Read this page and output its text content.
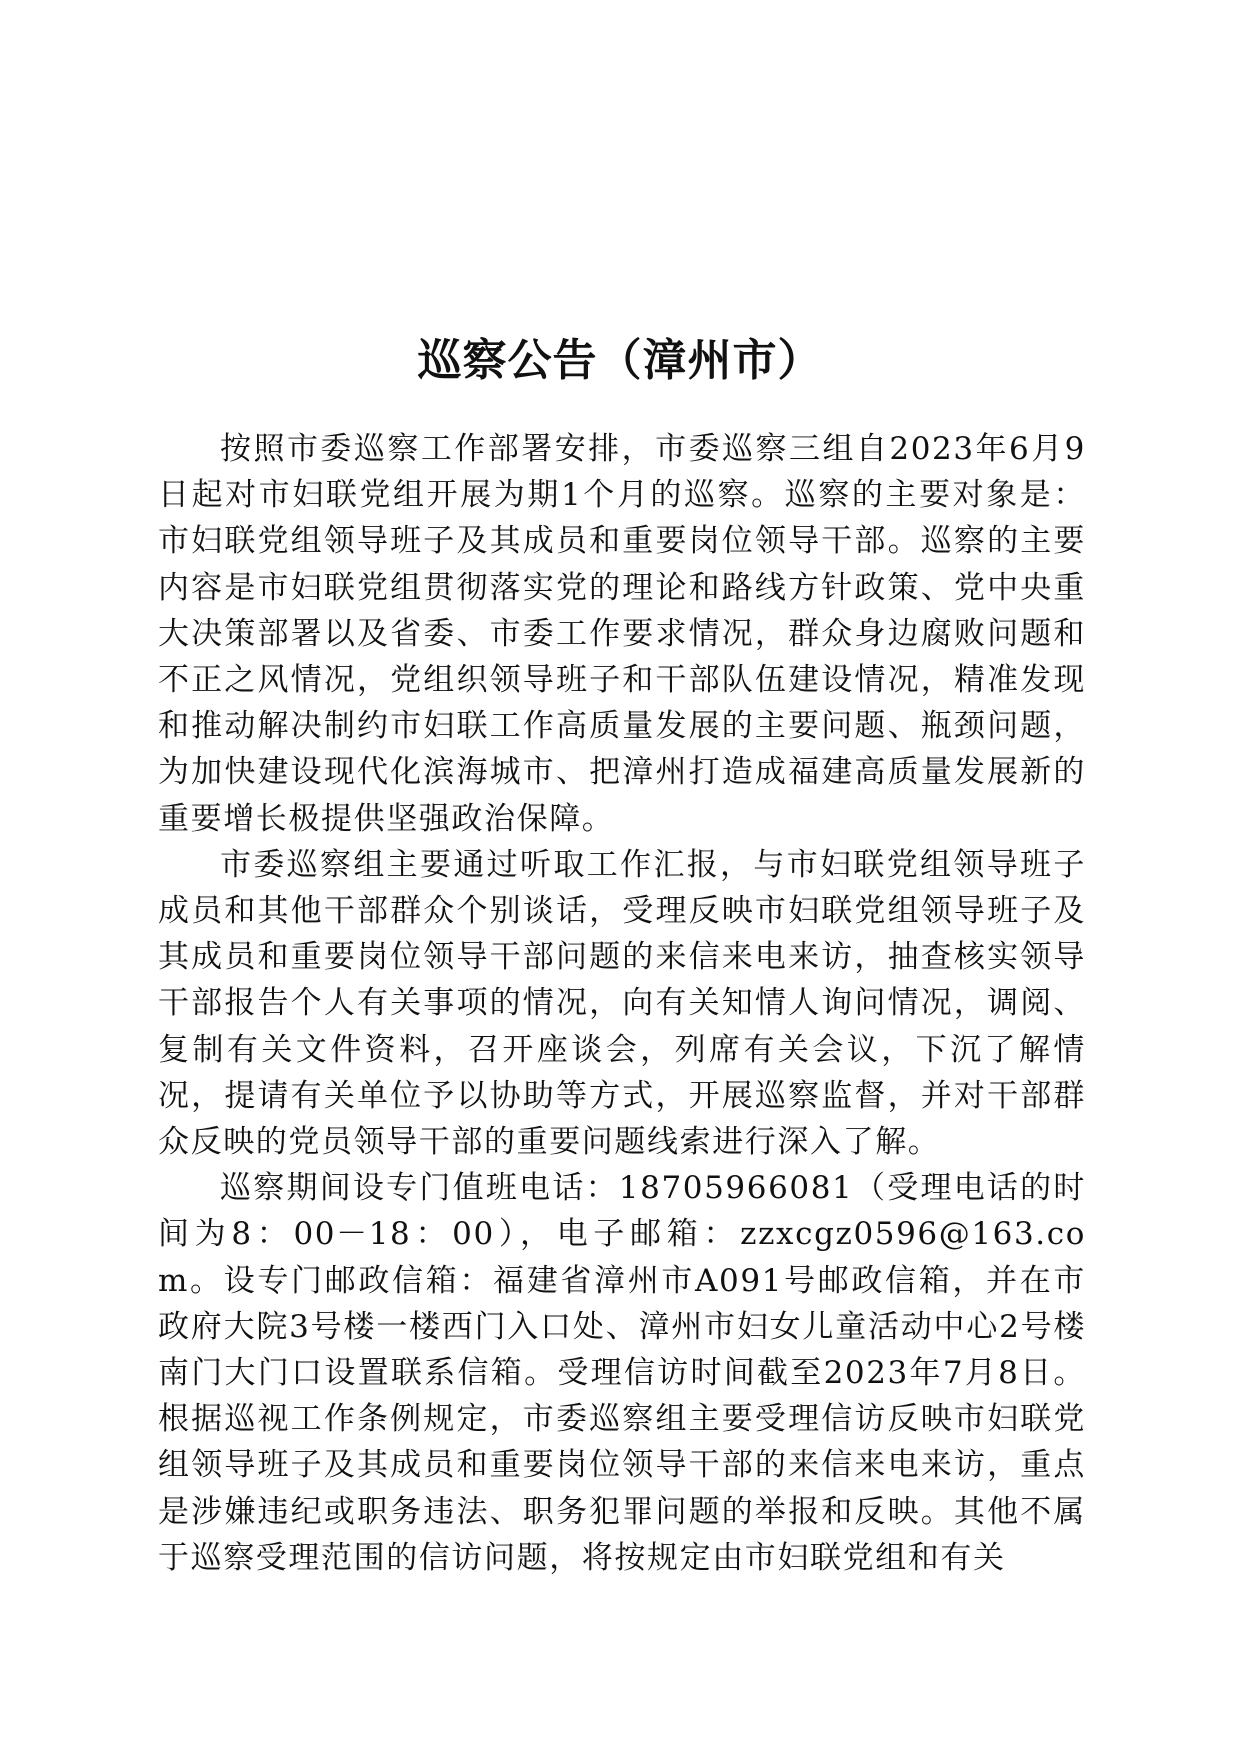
巡察公告（漳州市）

按照市委巡察工作部署安排，市委巡察三组自2023年6月9日起对市妇联党组开展为期1个月的巡察。巡察的主要对象是：市妇联党组领导班子及其成员和重要岗位领导干部。巡察的主要内容是市妇联党组贯彻落实党的理论和路线方针政策、党中央重大决策部署以及省委、市委工作要求情况，群众身边腐败问题和不正之风情况，党组织领导班子和干部队伍建设情况，精准发现和推动解决制约市妇联工作高质量发展的主要问题、瓶颈问题，为加快建设现代化滨海城市、把漳州打造成福建高质量发展新的重要增长极提供坚强政治保障。

市委巡察组主要通过听取工作汇报，与市妇联党组领导班子成员和其他干部群众个别谈话，受理反映市妇联党组领导班子及其成员和重要岗位领导干部问题的来信来电来访，抽查核实领导干部报告个人有关事项的情况，向有关知情人询问情况，调阅、复制有关文件资料，召开座谈会，列席有关会议，下沉了解情况，提请有关单位予以协助等方式，开展巡察监督，并对干部群众反映的党员领导干部的重要问题线索进行深入了解。

巡察期间设专门值班电话：18705966081（受理电话的时间为8：00－18：00），电子邮箱：zzxcgz0596@163.com。设专门邮政信箱：福建省漳州市A091号邮政信箱，并在市政府大院3号楼一楼西门入口处、漳州市妇女儿童活动中心2号楼南门大门口设置联系信箱。受理信访时间截至2023年7月8日。根据巡视工作条例规定，市委巡察组主要受理信访反映市妇联党组领导班子及其成员和重要岗位领导干部的来信来电来访，重点是涉嫌违纪或职务违法、职务犯罪问题的举报和反映。其他不属于巡察受理范围的信访问题，将按规定由市妇联党组和有关
